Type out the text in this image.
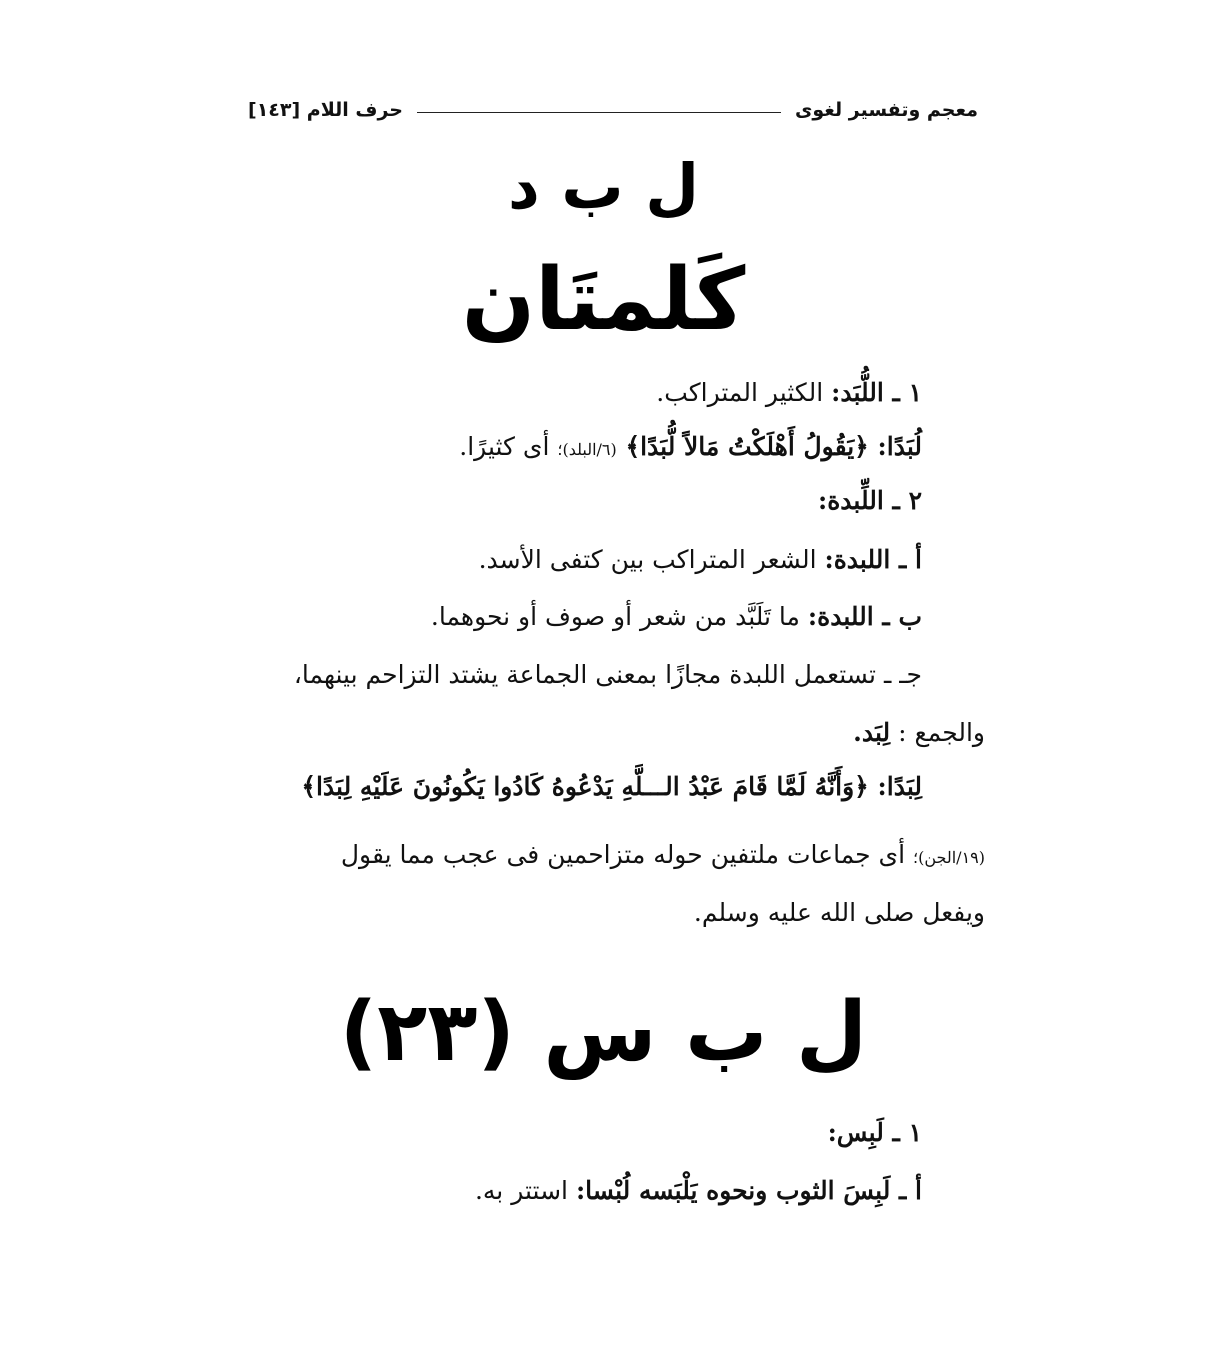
معجم وتفسير لغوى
حرف اللام [١٤٣]
ل ب د
كَلمتَان
١ ـ اللُّبَد: الكثير المتراكب.
لُبَدًا: ﴿يَقُولُ أَهْلَكْتُ مَالاً لُّبَدًا﴾ (٦/البلد)؛ أى كثيرًا.
٢ ـ اللِّبدة:
أ ـ اللبدة: الشعر المتراكب بين كتفى الأسد.
ب ـ اللبدة: ما تَلَبَّد من شعر أو صوف أو نحوهما.
جـ ـ تستعمل اللبدة مجازًا بمعنى الجماعة يشتد التزاحم بينهما،
والجمع : لِبَد.
لِبَدًا: ﴿وَأَنَّهُ لَمَّا قَامَ عَبْدُ الـــلَّهِ يَدْعُوهُ كَادُوا يَكُونُونَ عَلَيْهِ لِبَدًا﴾
(١٩/الجن)؛ أى جماعات ملتفين حوله متزاحمين فى عجب مما يقول
ويفعل صلى الله عليه وسلم.
ل ب س (٢٣)
١ ـ لَبِس:
أ ـ لَبِسَ الثوب ونحوه يَلْبَسه لُبْسا: استتر به.
